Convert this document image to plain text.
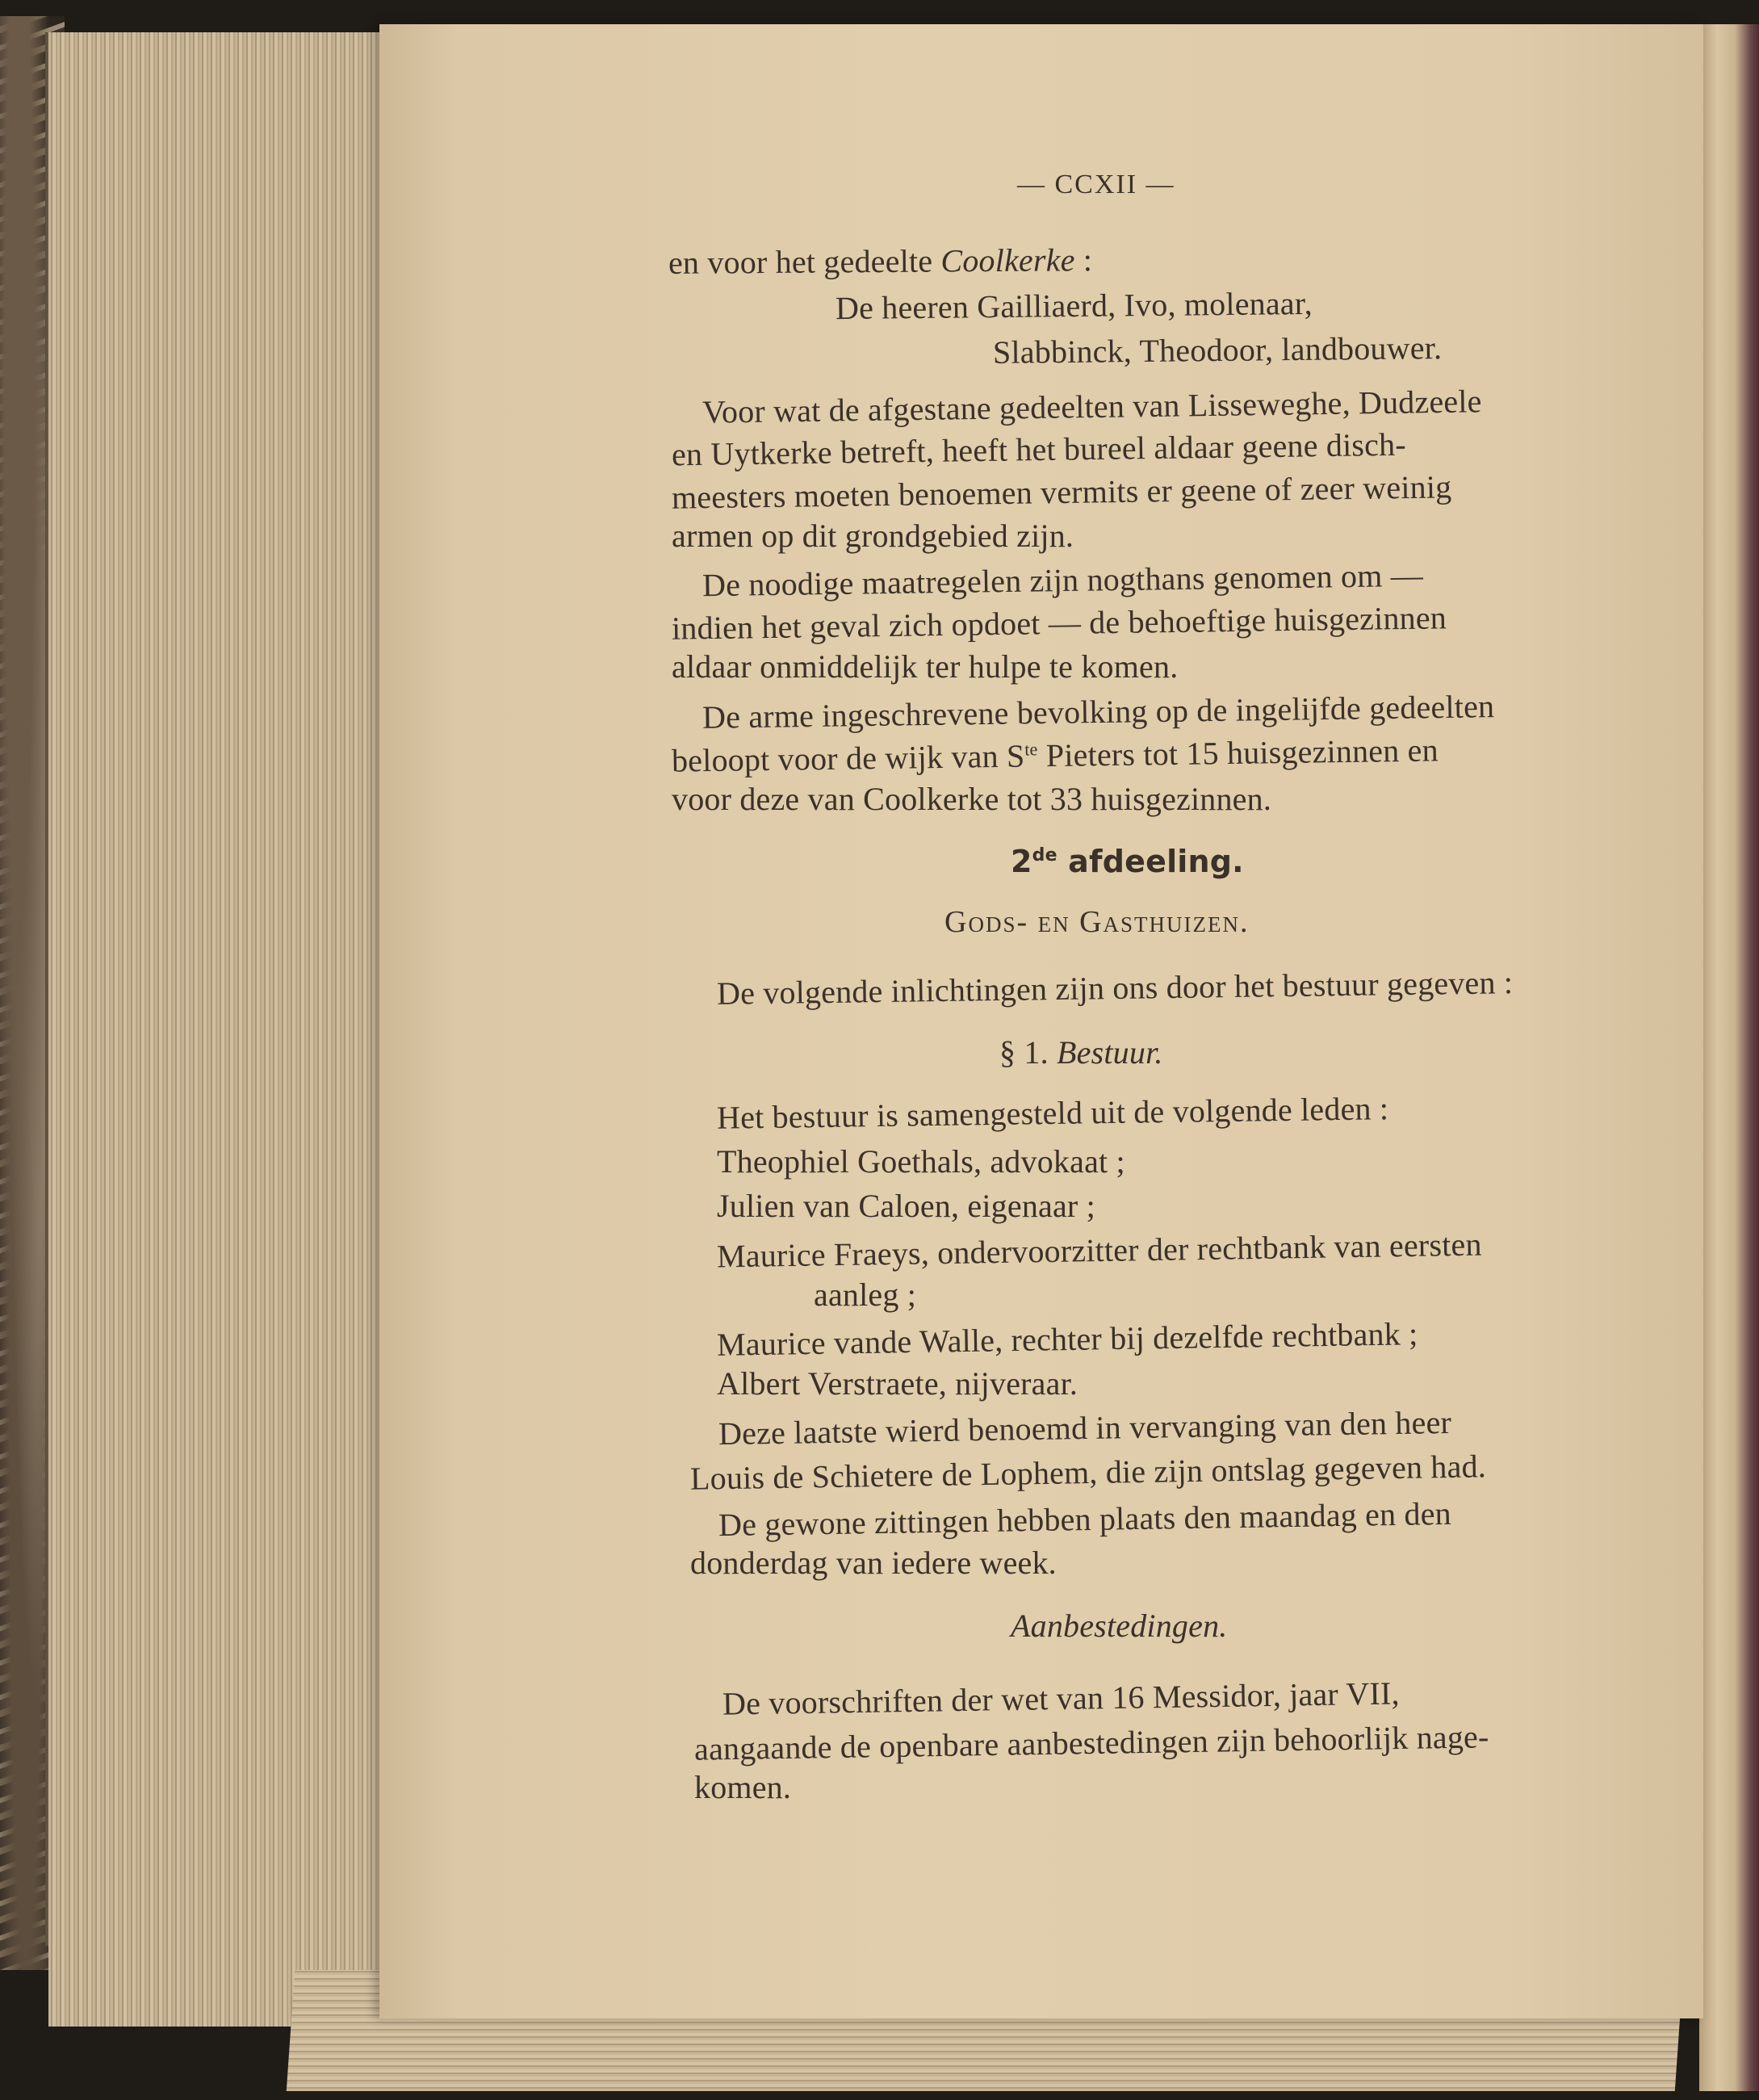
— CCXII —
en voor het gedeelte Coolkerke :
De heeren Gailliaerd, Ivo, molenaar,
Slabbinck, Theodoor, landbouwer.
Voor wat de afgestane gedeelten van Lisseweghe, Dudzeele
en Uytkerke betreft, heeft het bureel aldaar geene disch-
meesters moeten benoemen vermits er geene of zeer weinig
armen op dit grondgebied zijn.
De noodige maatregelen zijn nogthans genomen om —
indien het geval zich opdoet — de behoeftige huisgezinnen
aldaar onmiddelijk ter hulpe te komen.
De arme ingeschrevene bevolking op de ingelijfde gedeelten
beloopt voor de wijk van $S^{te}$ Pieters tot 15 huisgezinnen en
voor deze van Coolkerke tot 33 huisgezinnen.
2de afdeeling.
Gods- en Gasthuizen.
De volgende inlichtingen zijn ons door het bestuur gegeven :
§ 1. Bestuur.
Het bestuur is samengesteld uit de volgende leden :
Theophiel Goethals, advokaat ;
Julien van Caloen, eigenaar ;
Maurice Fraeys, ondervoorzitter der rechtbank van eersten
aanleg ;
Maurice vande Walle, rechter bij dezelfde rechtbank ;
Albert Verstraete, nijveraar.
Deze laatste wierd benoemd in vervanging van den heer
Louis de Schietere de Lophem, die zijn ontslag gegeven had.
De gewone zittingen hebben plaats den maandag en den
donderdag van iedere week.
Aanbestedingen.
De voorschriften der wet van 16 Messidor, jaar VII,
aangaande de openbare aanbestedingen zijn behoorlijk nage-
komen.
